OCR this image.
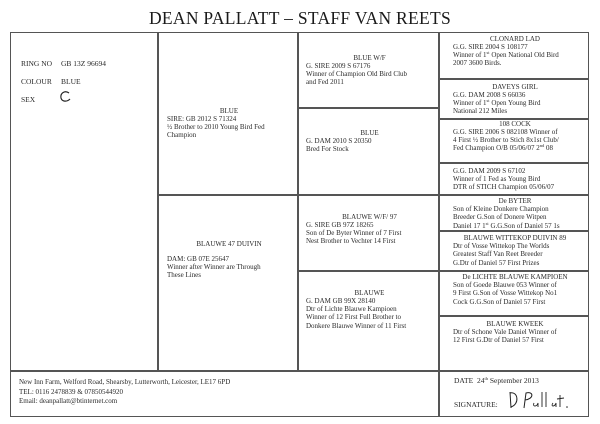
DEAN PALLATT – STAFF VAN REETS
RING NO GB 13Z 96694
COLOUR BLUE
SEX
BLUE
SIRE: GB 2012 S 71324
½ Brother to 2010 Young Bird Fed
Champion
BLAUWE 47 DUIVIN
DAM: GB 07E 25647
Winner after Winner are Through
These Lines
BLUE W/F
G. SIRE 2009 S 67176
Winner of Champion Old Bird Club
and Fed 2011
BLUE
G. DAM 2010 S 20350
Bred For Stock
BLAUWE W/F/ 97
G. SIRE GB 97Z 18265
Son of De Byter Winner of 7 First
Nest Brother to Vechter 14 First
BLAUWE
G. DAM GB 99X 28140
Dtr of Lichte Blauwe Kampioen
Winner of 12 First Full Brother to
Donkere Blauwe Winner of 11 First
CLONARD LAD
G.G. SIRE 2004 S 108177
Winner of 1st Open National Old Bird
2007 3600 Birds.
DAVEYS GIRL
G.G. DAM 2008 S 66036
Winner of 1st Open Young Bird
National 212 Miles
108 COCK
G.G. SIRE 2006 S 082108 Winner of
4 First ½ Brother to Stich 8x1st Club/
Fed Champion O/B 05/06/07 2nd 08
G.G. DAM 2009 S 67102
Winner of 1 Fed as Young Bird
DTR of STICH Champion 05/06/07
De BYTER
Son of Kleine Donkere Champion
Breeder G.Son of Donere Witpen
Daniel 17 1st G.G.Son of Daniel 57 1s
BLAUWE WITTEKOP DUIVIN 89
Dtr of Vosse Wittekop The Worlds
Greatest Staff Van Reet Breeder
G.Dtr of Daniel 57 First Prizes
De LICHTE BLAUWE KAMPIOEN
Son of Goede Blauwe 053 Winner of
9 First G.Son of Vosse Wittekop No1
Cock G.G.Son of Daniel 57 First
BLAUWE KWEEK
Dtr of Schone Vale Daniel Winner of
12 First G.Dtr of Daniel 57 First
New Inn Farm, Welford Road, Shearsby, Lutterworth, Leicester, LE17 6PD
TEL: 0116 2478839 & 07850544920
Email: deanpallatt@btinternet.com
DATE 24th September 2013
SIGNATURE:
